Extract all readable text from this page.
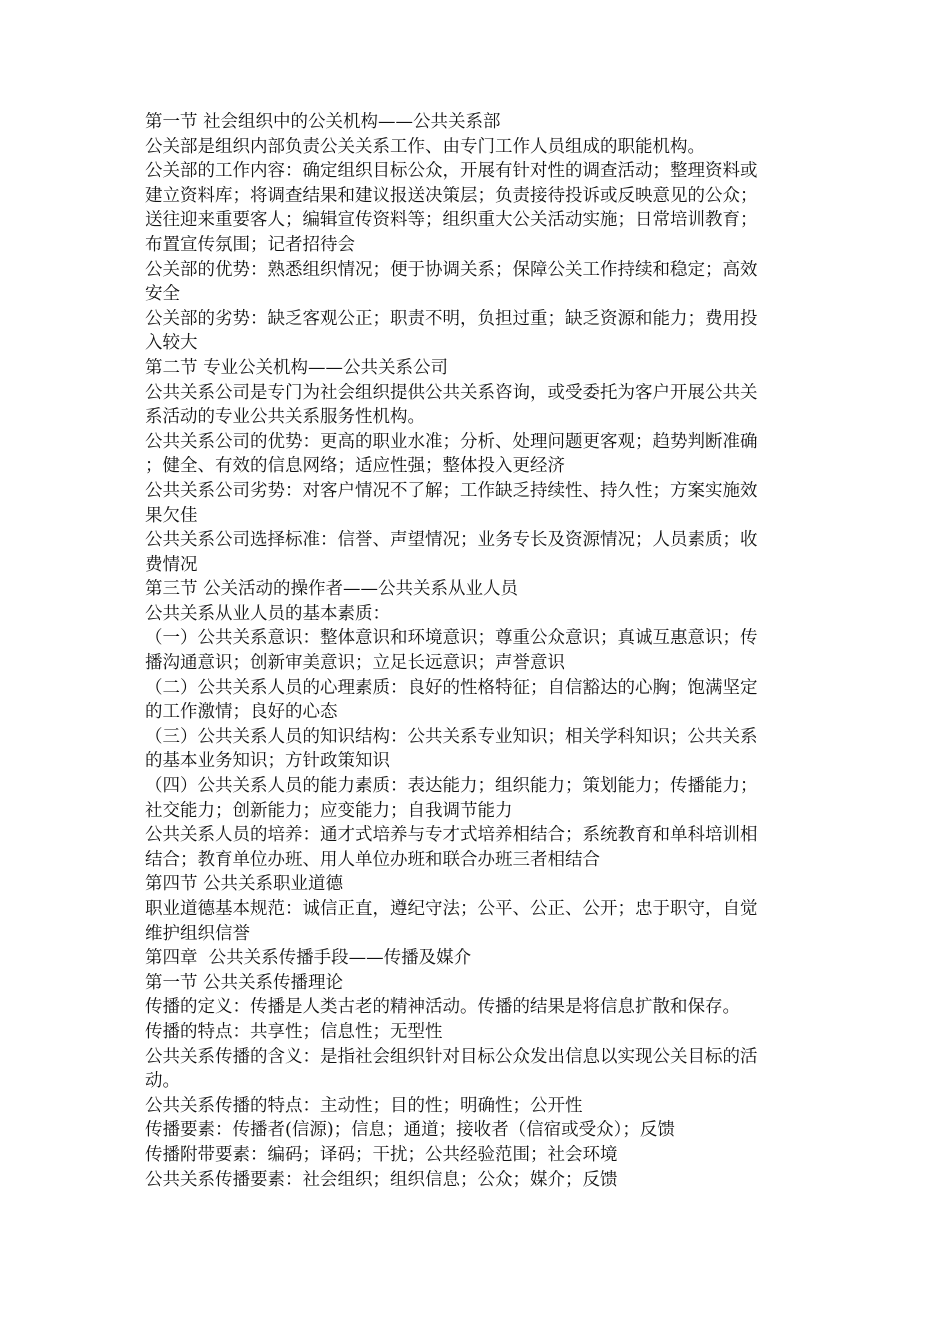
第一节 社会组织中的公关机构——公共关系部

公关部是组织内部负责公关关系工作、由专门工作人员组成的职能机构。

公关部的工作内容：确定组织目标公众，开展有针对性的调查活动；整理资料或

建立资料库；将调查结果和建议报送决策层；负责接待投诉或反映意见的公众；

送往迎来重要客人；编辑宣传资料等；组织重大公关活动实施；日常培训教育；

布置宣传氛围；记者招待会

公关部的优势：熟悉组织情况；便于协调关系；保障公关工作持续和稳定；高效

安全

公关部的劣势：缺乏客观公正；职责不明，负担过重；缺乏资源和能力；费用投

入较大

第二节 专业公关机构——公共关系公司

公共关系公司是专门为社会组织提供公共关系咨询，或受委托为客户开展公共关

系活动的专业公共关系服务性机构。

公共关系公司的优势：更高的职业水准；分析、处理问题更客观；趋势判断准确

；健全、有效的信息网络；适应性强；整体投入更经济

公共关系公司劣势：对客户情况不了解；工作缺乏持续性、持久性；方案实施效

果欠佳

公共关系公司选择标准：信誉、声望情况；业务专长及资源情况；人员素质；收

费情况

第三节 公关活动的操作者——公共关系从业人员

公共关系从业人员的基本素质：

（一）公共关系意识：整体意识和环境意识；尊重公众意识；真诚互惠意识；传

播沟通意识；创新审美意识；立足长远意识；声誉意识

（二）公共关系人员的心理素质：良好的性格特征；自信豁达的心胸；饱满坚定

的工作激情；良好的心态

（三）公共关系人员的知识结构：公共关系专业知识；相关学科知识；公共关系

的基本业务知识；方针政策知识

（四）公共关系人员的能力素质：表达能力；组织能力；策划能力；传播能力；

社交能力；创新能力；应变能力；自我调节能力

公共关系人员的培养：通才式培养与专才式培养相结合；系统教育和单科培训相

结合；教育单位办班、用人单位办班和联合办班三者相结合

第四节 公共关系职业道德

职业道德基本规范：诚信正直，遵纪守法；公平、公正、公开；忠于职守，自觉

维护组织信誉

第四章  公共关系传播手段——传播及媒介

第一节 公共关系传播理论

传播的定义：传播是人类古老的精神活动。传播的结果是将信息扩散和保存。

传播的特点：共享性；信息性；无型性

公共关系传播的含义：是指社会组织针对目标公众发出信息以实现公关目标的活

动。

公共关系传播的特点：主动性；目的性；明确性；公开性

传播要素：传播者(信源)；信息；通道；接收者（信宿或受众）；反馈

传播附带要素：编码；译码；干扰；公共经验范围；社会环境

公共关系传播要素：社会组织；组织信息；公众；媒介；反馈
